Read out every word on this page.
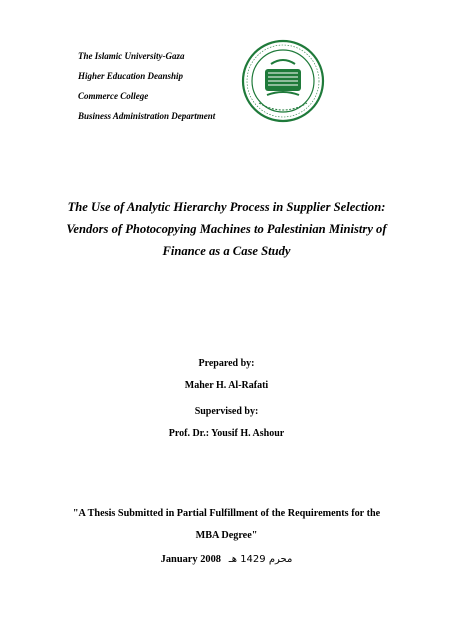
The Islamic University-Gaza
Higher Education Deanship
Commerce College
Business Administration Department
The Use of Analytic Hierarchy Process in Supplier Selection:
Vendors of Photocopying Machines to Palestinian Ministry of
Finance as a Case Study
Prepared by:
Maher H. Al-Rafati
Supervised by:
Prof. Dr.: Yousif H. Ashour
"A Thesis Submitted in Partial Fulfillment of the Requirements for the
MBA Degree"
January 2008 محرم 1429 هـ
